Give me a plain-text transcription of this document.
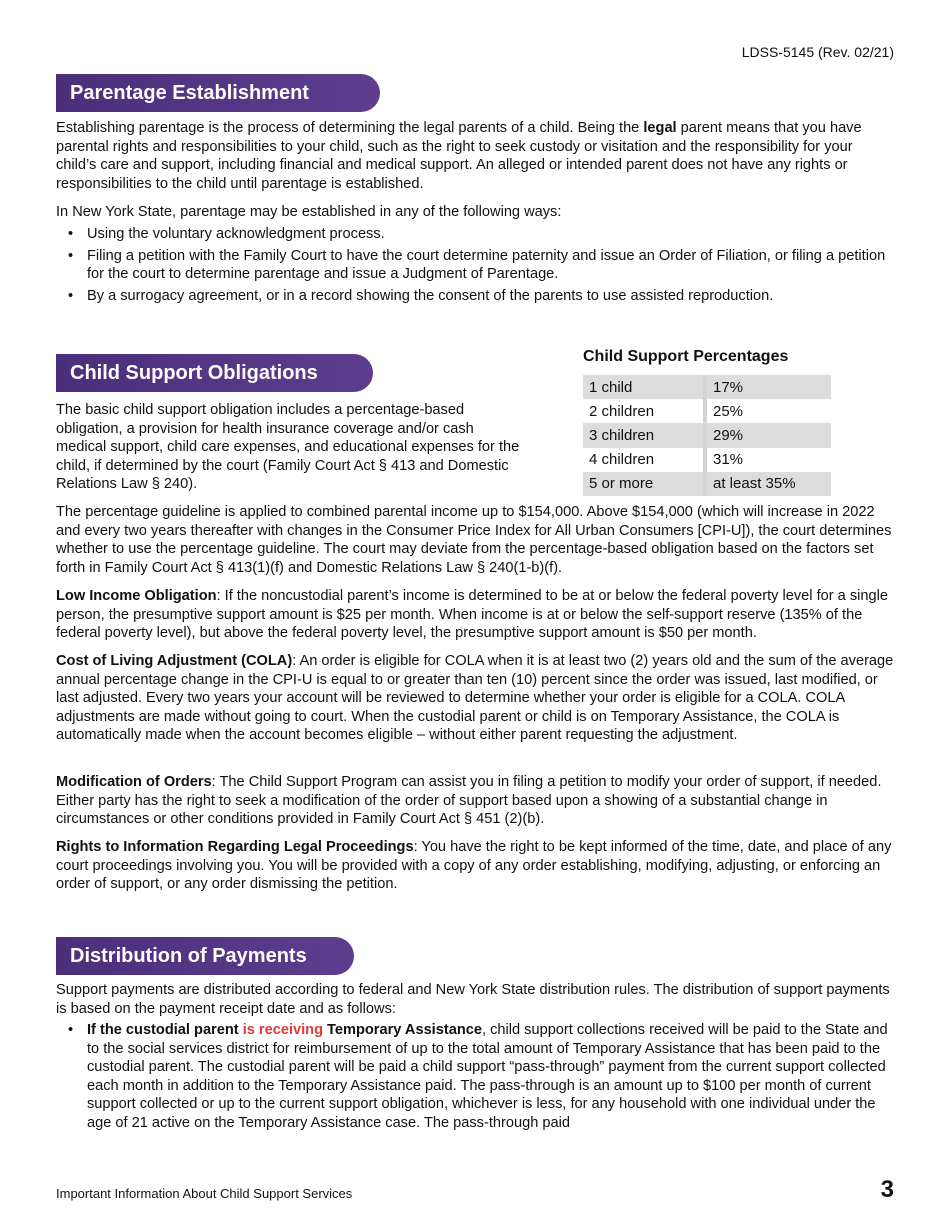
LDSS-5145 (Rev. 02/21)
Parentage Establishment

Establishing parentage is the process of determining the legal parents of a child. Being the legal parent means that you have parental rights and responsibilities to your child, such as the right to seek custody or visitation and the responsibility for your child’s care and support, including financial and medical support. An alleged or intended parent does not have any rights or responsibilities to the child until parentage is established.

In New York State, parentage may be established in any of the following ways:

• Using the voluntary acknowledgment process.
• Filing a petition with the Family Court to have the court determine paternity and issue an Order of Filiation, or filing a petition for the court to determine parentage and issue a Judgment of Parentage.
• By a surrogacy agreement, or in a record showing the consent of the parents to use assisted reproduction.
Child Support Obligations

The basic child support obligation includes a percentage-based obligation, a provision for health insurance coverage and/or cash medical support, child care expenses, and educational expenses for the child, if determined by the court (Family Court Act § 413 and Domestic Relations Law § 240).

Child Support Percentages
1 child	17%
2 children	25%
3 children	29%
4 children	31%
5 or more	at least 35%

The percentage guideline is applied to combined parental income up to $154,000. Above $154,000 (which will increase in 2022 and every two years thereafter with changes in the Consumer Price Index for All Urban Consumers [CPI-U]), the court determines whether to use the percentage guideline. The court may deviate from the percentage-based obligation based on the factors set forth in Family Court Act § 413(1)(f) and Domestic Relations Law § 240(1-b)(f).

Low Income Obligation: If the noncustodial parent’s income is determined to be at or below the federal poverty level for a single person, the presumptive support amount is $25 per month. When income is at or below the self-support reserve (135% of the federal poverty level), but above the federal poverty level, the presumptive support amount is $50 per month.

Cost of Living Adjustment (COLA): An order is eligible for COLA when it is at least two (2) years old and the sum of the average annual percentage change in the CPI-U is equal to or greater than ten (10) percent since the order was issued, last modified, or last adjusted. Every two years your account will be reviewed to determine whether your order is eligible for a COLA. COLA adjustments are made without going to court. When the custodial parent or child is on Temporary Assistance, the COLA is automatically made when the account becomes eligible – without either parent requesting the adjustment.

Modification of Orders: The Child Support Program can assist you in filing a petition to modify your order of support, if needed. Either party has the right to seek a modification of the order of support based upon a showing of a substantial change in circumstances or other conditions provided in Family Court Act § 451 (2)(b).

Rights to Information Regarding Legal Proceedings: You have the right to be kept informed of the time, date, and place of any court proceedings involving you. You will be provided with a copy of any order establishing, modifying, adjusting, or enforcing an order of support, or any order dismissing the petition.

Distribution of Payments

Support payments are distributed according to federal and New York State distribution rules. The distribution of support payments is based on the payment receipt date and as follows:

• If the custodial parent is receiving Temporary Assistance, child support collections received will be paid to the State and to the social services district for reimbursement of up to the total amount of Temporary Assistance that has been paid to the custodial parent. The custodial parent will be paid a child support “pass-through” payment from the current support collected each month in addition to the Temporary Assistance paid. The pass-through is an amount up to $100 per month of current support collected or up to the current support obligation, whichever is less, for any household with one individual under the age of 21 active on the Temporary Assistance case. The pass-through paid
Important Information About Child Support Services	3
